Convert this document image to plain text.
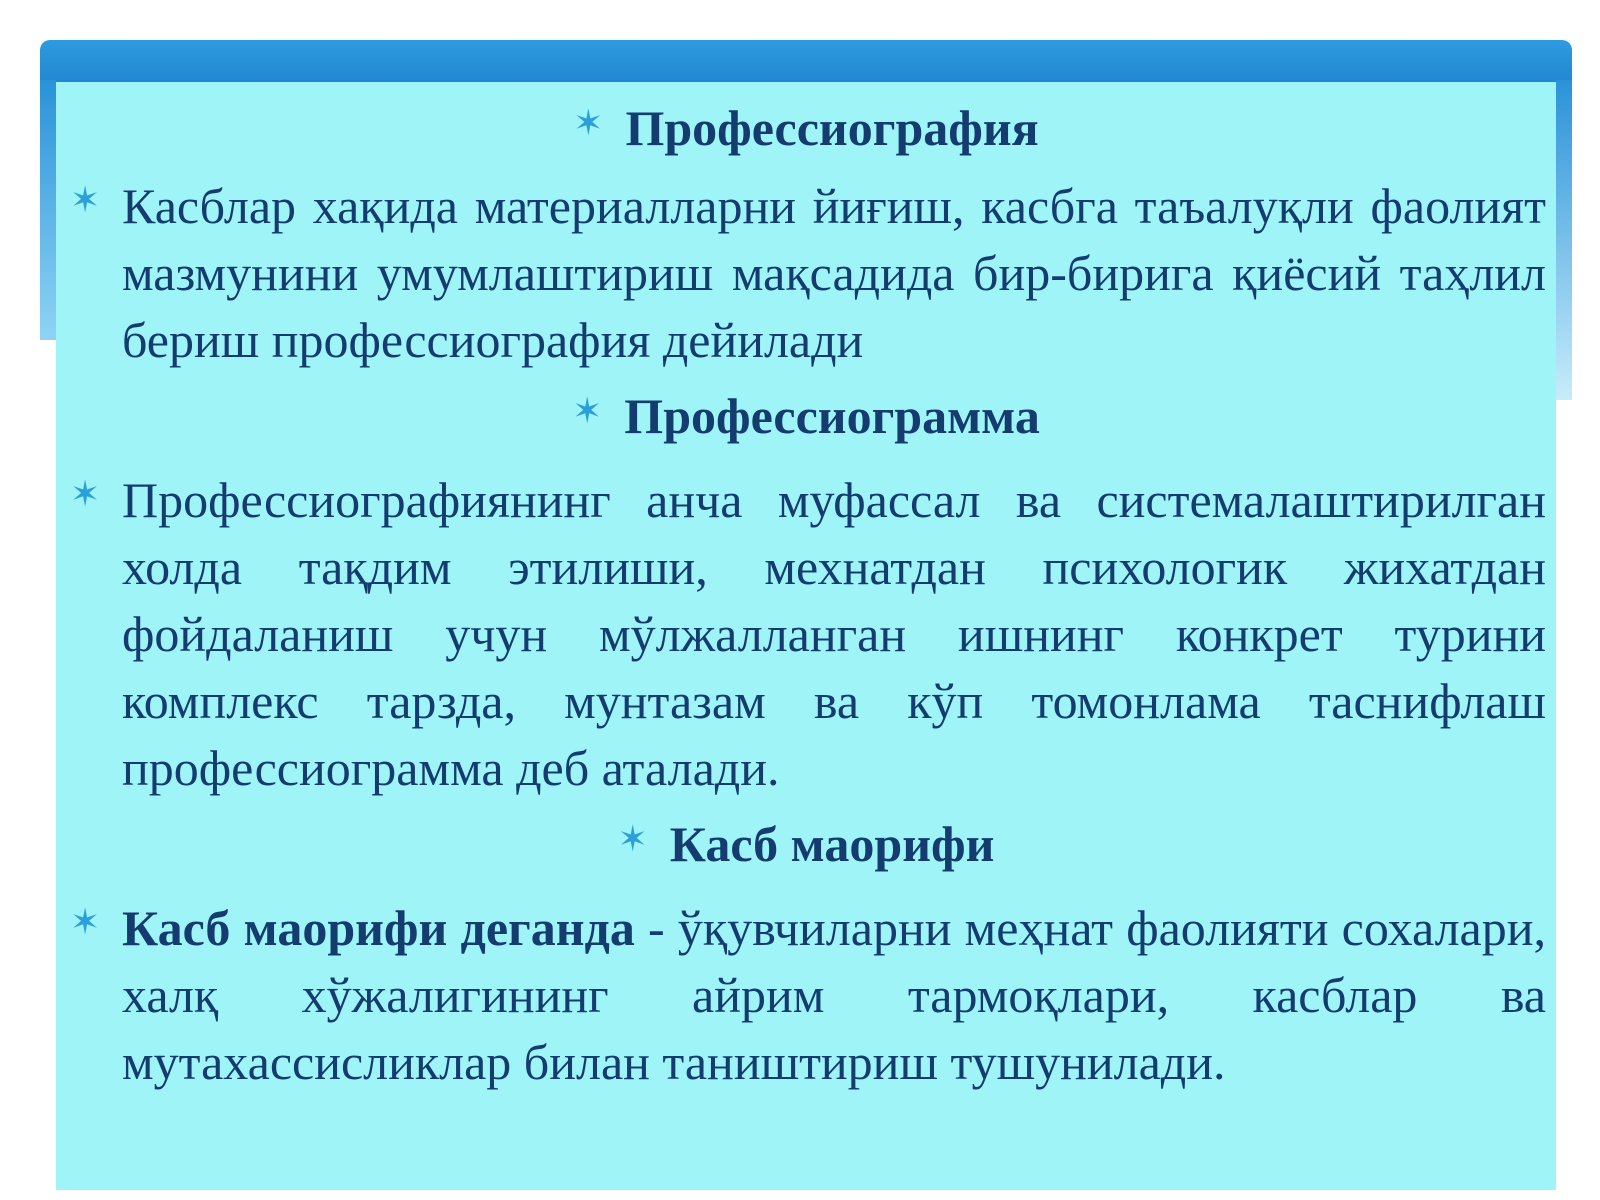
✶ Професcиография

✶ Касблар хақида материалларни йиғиш, касбга таъалуқли фаолият мазмунини умумлаштириш мақсадида бир-бирига қиёсий таҳлил бериш профессиография дейилади

✶ Професcиограмма

✶ Профессиографиянинг анча муфассал ва системалаштирилган холда тақдим этилиши, мехнатдан психологик жихатдан фойдаланиш учун мўлжалланган ишнинг конкрет турини комплекс тарзда, мунтазам ва кўп томонлама таснифлаш профессиограмма деб аталади.

✶ Касб маорифи

✶ Касб маорифи деганда - ўқувчиларни меҳнат фаолияти сохалари, халқ хўжалигининг айрим тармоқлари, касблар ва мутахассисликлар билан таништириш тушунилади.
